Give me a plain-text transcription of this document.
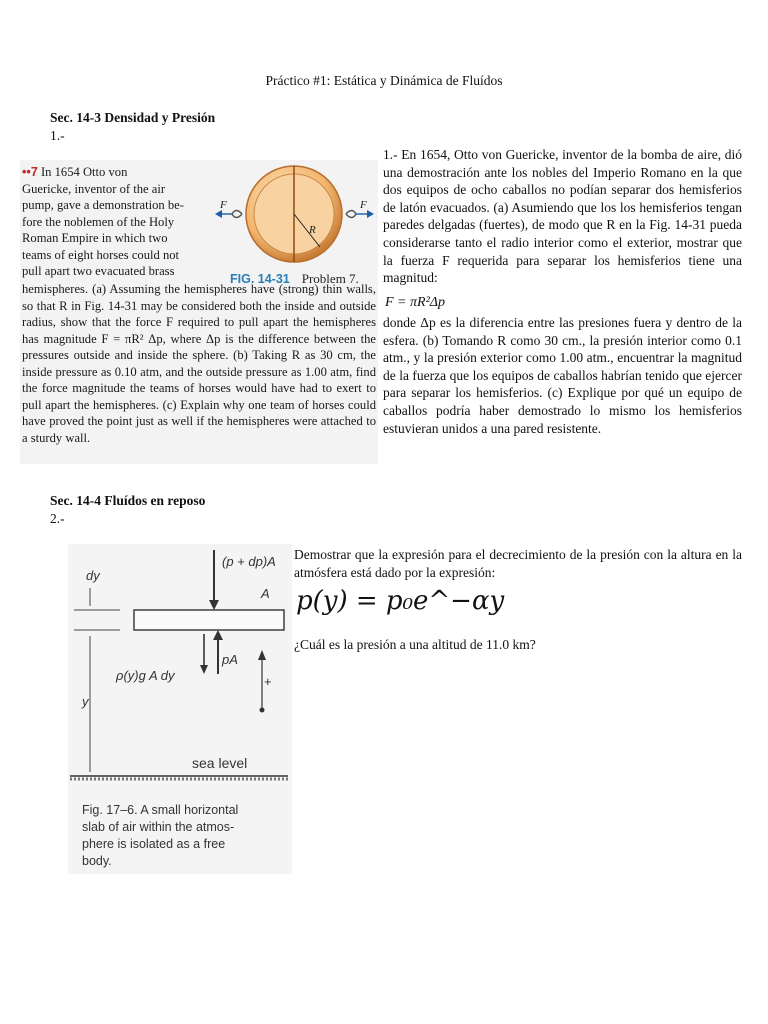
Práctico #1: Estática y Dinámica de Fluídos
Sec. 14-3 Densidad y Presión
1.-
••7 In 1654 Otto von
Guericke, inventor of the air
pump, gave a demonstration be-
fore the noblemen of the Holy
Roman Empire in which two
teams of eight horses could not
pull apart two evacuated brass
hemispheres. (a) Assuming the hemispheres have (strong) thin walls, so that R in Fig. 14-31 may be considered both the inside and outside radius, show that the force F required to pull apart the hemispheres has magnitude F = πR² Δp, where Δp is the difference between the pressures outside and inside the sphere. (b) Taking R as 30 cm, the inside pressure as 0.10 atm, and the outside pressure as 1.00 atm, find the force magnitude the teams of horses would have had to exert to pull apart the hemispheres. (c) Explain why one team of horses could have proved the point just as well if the hemispheres were attached to a sturdy wall.
R
F	F
FIG. 14-31 Problem 7.
1.- En 1654, Otto von Guericke, inventor de la bomba de aire, dió una demostración ante los nobles del Imperio Romano en la que dos equipos de ocho caballos no podían separar dos hemisferios de latón evacuados. (a) Asumiendo que los los hemisferios tengan paredes delgadas (fuertes), de modo que R en la Fig. 14-31 pueda considerarse tanto el radio interior como el exterior, mostrar que la fuerza F requerida para separar los hemisferios tiene una magnitud:
F = πR²Δp
donde Δp es la diferencia entre las presiones fuera y dentro de la esfera. (b) Tomando R como 30 cm., la presión interior como 0.1 atm., y la presión exterior como 1.00 atm., encuentrar la magnitud de la fuerza que los equipos de caballos habrían tenido que ejercer para separar los hemisferios. (c) Explique por qué un equipo de caballos podría haber demostrado lo mismo los hemisferios estuvieran unidos a una pared resistente.
Sec. 14-4 Fluídos en reposo
2.-
dy
(p + dp)A
A
pA
ρ(y)g A dy
y
+
sea level
Fig. 17–6. A small horizontal
slab of air within the atmos-
phere is isolated as a free
body.
Demostrar que la expresión para el decrecimiento de la presión con la altura en la atmósfera está dado por la expresión:
p(y) = p₀e^−αy
¿Cuál es la presión a una altitud de 11.0 km?
